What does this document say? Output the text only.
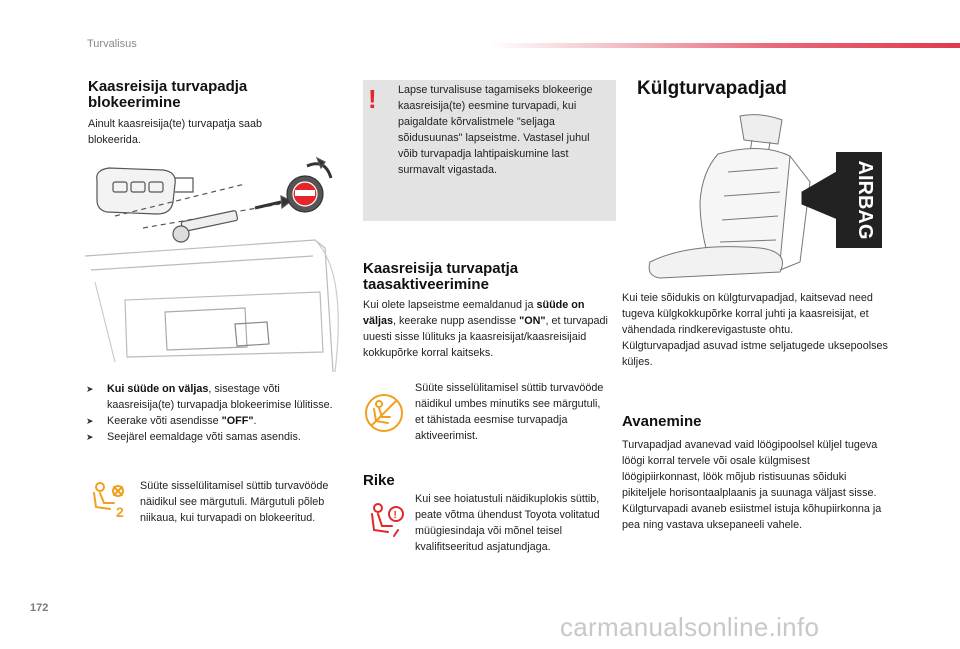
Turvalisus
Kaasreisija turvapadja
blokeerimine

Ainult kaasreisija(te) turvapatja saab blokeerida.

➤	Kui süüde on väljas, sisestage võti kaasreisija(te) turvapadja blokeerimise lülitisse.
➤	Keerake võti asendisse "OFF".
➤	Seejärel eemaldage võti samas asendis.
2

Süüte sisselülitamisel süttib turvavööde näidikul see märgutuli. Märgutuli põleb niikaua, kui turvapadi on blokeeritud.

! Lapse turvalisuse tagamiseks blokeerige kaasreisija(te) eesmine turvapadi, kui paigaldate kõrvalistmele "seljaga sõidusuunas" lapseistme. Vastasel juhul võib turvapadja lahtipaiskumine last surmavalt vigastada.

Kaasreisija turvapatja
taasaktiveerimine

Kui olete lapseistme eemaldanud ja süüde on väljas, keerake nupp asendisse "ON", et turvapadi uuesti sisse lülituks ja kaasreisijat/kaasreisijaid kokkupõrke korral kaitseks.

Süüte sisselülitamisel süttib turvavööde näidikul umbes minutiks see märgutuli, et tähistada eesmise turvapadja aktiveerimist.

Rike
!

Kui see hoiatustuli näidikuplokis süttib, peate võtma ühendust Toyota volitatud müügiesindaja või mõnel teisel kvalifitseeritud asjatundjaga.

Külgturvapadjad
AIRBAG

Kui teie sõidukis on külgturvapadjad, kaitsevad need tugeva külgkokkupõrke korral juhti ja kaasreisijat, et vähendada rindkerevigastuste ohtu.

Külgturvapadjad asuvad istme seljatugede uksepoolses küljes.

Avanemine

Turvapadjad avanevad vaid löögipoolsel küljel tugeva löögi korral tervele või osale külgmisest löögipiirkonnast, löök mõjub ristisuunas sõiduki pikiteljele horisontaalplaanis ja suunaga väljast sisse.

Külgturvapadi avaneb esiistmel istuja kõhupiirkonna ja pea ning vastava uksepaneeli vahele.

172
carmanualsonline.info
